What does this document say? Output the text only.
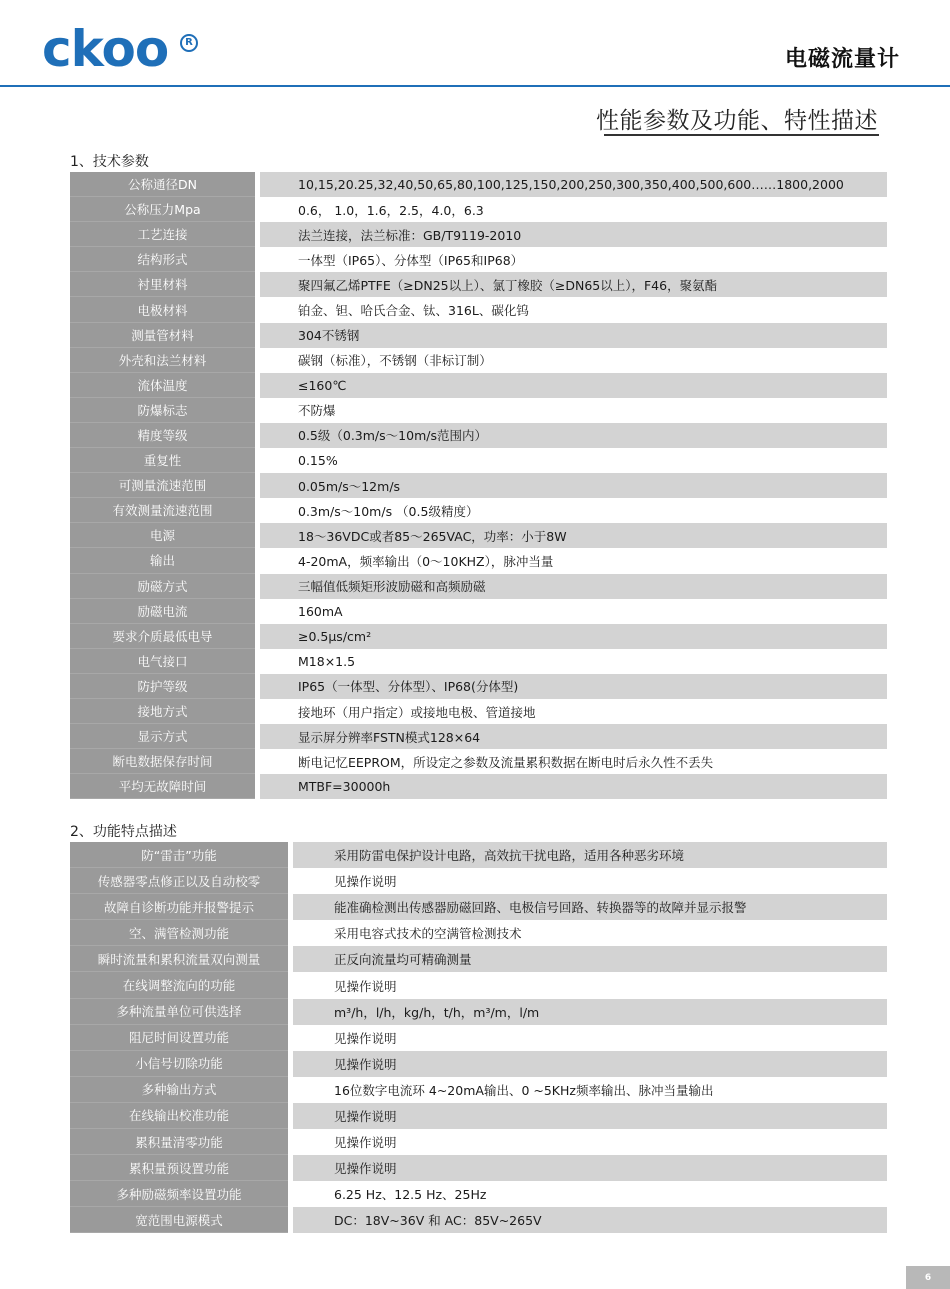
ckoo	R
电磁流量计
性能参数及功能、特性描述
1、技术参数
公称通径DN	10,15,20.25,32,40,50,65,80,100,125,150,200,250,300,350,400,500,600……1800,2000
公称压力Mpa	0.6， 1.0，1.6，2.5，4.0，6.3
工艺连接	法兰连接，法兰标准：GB/T9119-2010
结构形式	一体型（IP65）、分体型（IP65和IP68）
衬里材料	聚四氟乙烯PTFE（≥DN25以上）、氯丁橡胶（≥DN65以上），F46，聚氨酯
电极材料	铂金、钽、哈氏合金、钛、316L、碳化钨
测量管材料	304不锈钢
外壳和法兰材料	碳钢（标准），不锈钢（非标订制）
流体温度	≤160℃
防爆标志	不防爆
精度等级	0.5级（0.3m/s～10m/s范围内）
重复性	0.15%
可测量流速范围	0.05m/s～12m/s
有效测量流速范围	0.3m/s～10m/s （0.5级精度）
电源	18～36VDC或者85～265VAC，功率：小于8W
输出	4-20mA，频率输出（0～10KHZ），脉冲当量
励磁方式	三幅值低频矩形波励磁和高频励磁
励磁电流	160mA
要求介质最低电导	≥0.5μs/cm²
电气接口	M18×1.5
防护等级	IP65（一体型、分体型）、IP68(分体型)
接地方式	接地环（用户指定）或接地电极、管道接地
显示方式	显示屏分辨率FSTN模式128×64
断电数据保存时间	断电记忆EEPROM，所设定之参数及流量累积数据在断电时后永久性不丢失
平均无故障时间	MTBF=30000h
2、功能特点描述
防“雷击”功能	采用防雷电保护设计电路，高效抗干扰电路，适用各种恶劣环境
传感器零点修正以及自动校零	见操作说明
故障自诊断功能并报警提示	能准确检测出传感器励磁回路、电极信号回路、转换器等的故障并显示报警
空、满管检测功能	采用电容式技术的空满管检测技术
瞬时流量和累积流量双向测量	正反向流量均可精确测量
在线调整流向的功能	见操作说明
多种流量单位可供选择	m³/h，l/h，kg/h，t/h，m³/m，l/m
阻尼时间设置功能	见操作说明
小信号切除功能	见操作说明
多种输出方式	16位数字电流环 4~20mA输出、0 ~5KHz频率输出、脉冲当量输出
在线输出校准功能	见操作说明
累积量清零功能	见操作说明
累积量预设置功能	见操作说明
多种励磁频率设置功能	6.25 Hz、12.5 Hz、25Hz
宽范围电源模式	DC：18V~36V 和 AC：85V~265V
6
